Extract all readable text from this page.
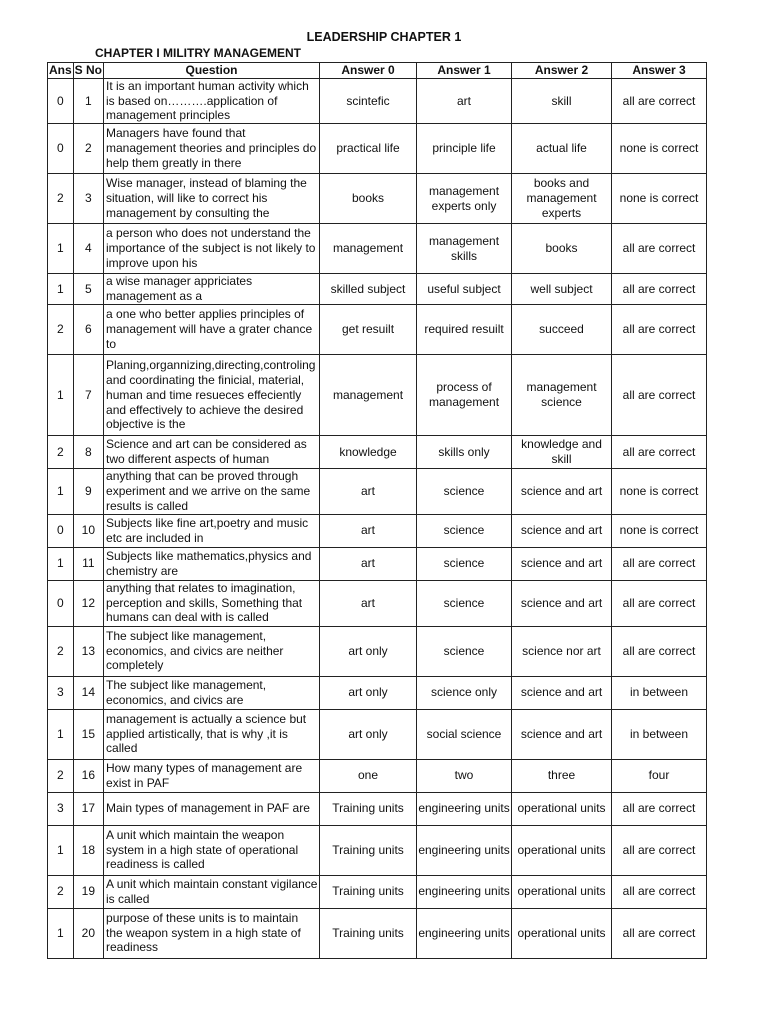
LEADERSHIP CHAPTER 1
CHAPTER I MILITRY MANAGEMENT
Ans	S No	Question	Answer 0	Answer 1	Answer 2	Answer 3
0	1	It is an important human activity which is based on……….application of management principles	scintefic	art	skill	all are correct
0	2	Managers have found that management theories and principles do help them greatly in there	practical life	principle life	actual life	none is correct
2	3	Wise manager, instead of blaming the situation, will like to correct his management by consulting the	books	management experts only	books and management experts	none is correct
1	4	a person who does not understand the importance of the subject is not likely to improve upon his	management	management skills	books	all are correct
1	5	a wise manager appriciates management as a	skilled subject	useful subject	well subject	all are correct
2	6	a one who better applies principles of management will have a grater chance to	get resuilt	required resuilt	succeed	all are correct
1	7	Planing,organnizing,directing,controling and coordinating the finicial, material, human and time resueces effeciently and effectively to achieve the desired objective is the	management	process of management	management science	all are correct
2	8	Science and art can be considered as two different aspects of human	knowledge	skills only	knowledge and skill	all are correct
1	9	anything that can be proved through experiment and we arrive on the same results is called	art	science	science and art	none is correct
0	10	Subjects like fine art,poetry and music etc are included in	art	science	science and art	none is correct
1	11	Subjects like mathematics,physics and chemistry are	art	science	science and art	all are correct
0	12	anything that relates to imagination, perception and skills, Something that humans can deal with is called	art	science	science and art	all are correct
2	13	The subject like management, economics, and civics are neither completely	art only	science	science nor art	all are correct
3	14	The subject like management, economics, and civics are	art only	science only	science and art	in between
1	15	management is actually a science but applied artistically, that is why ,it is called	art only	social science	science and art	in between
2	16	How many types of management are exist in PAF	one	two	three	four
3	17	Main types of management in PAF are	Training units	engineering units	operational units	all are correct
1	18	A unit which maintain the weapon system in a high state of operational readiness is called	Training units	engineering units	operational units	all are correct
2	19	A unit which maintain constant vigilance is called	Training units	engineering units	operational units	all are correct
1	20	purpose of these units is to maintain the weapon system in a high state of readiness	Training units	engineering units	operational units	all are correct
